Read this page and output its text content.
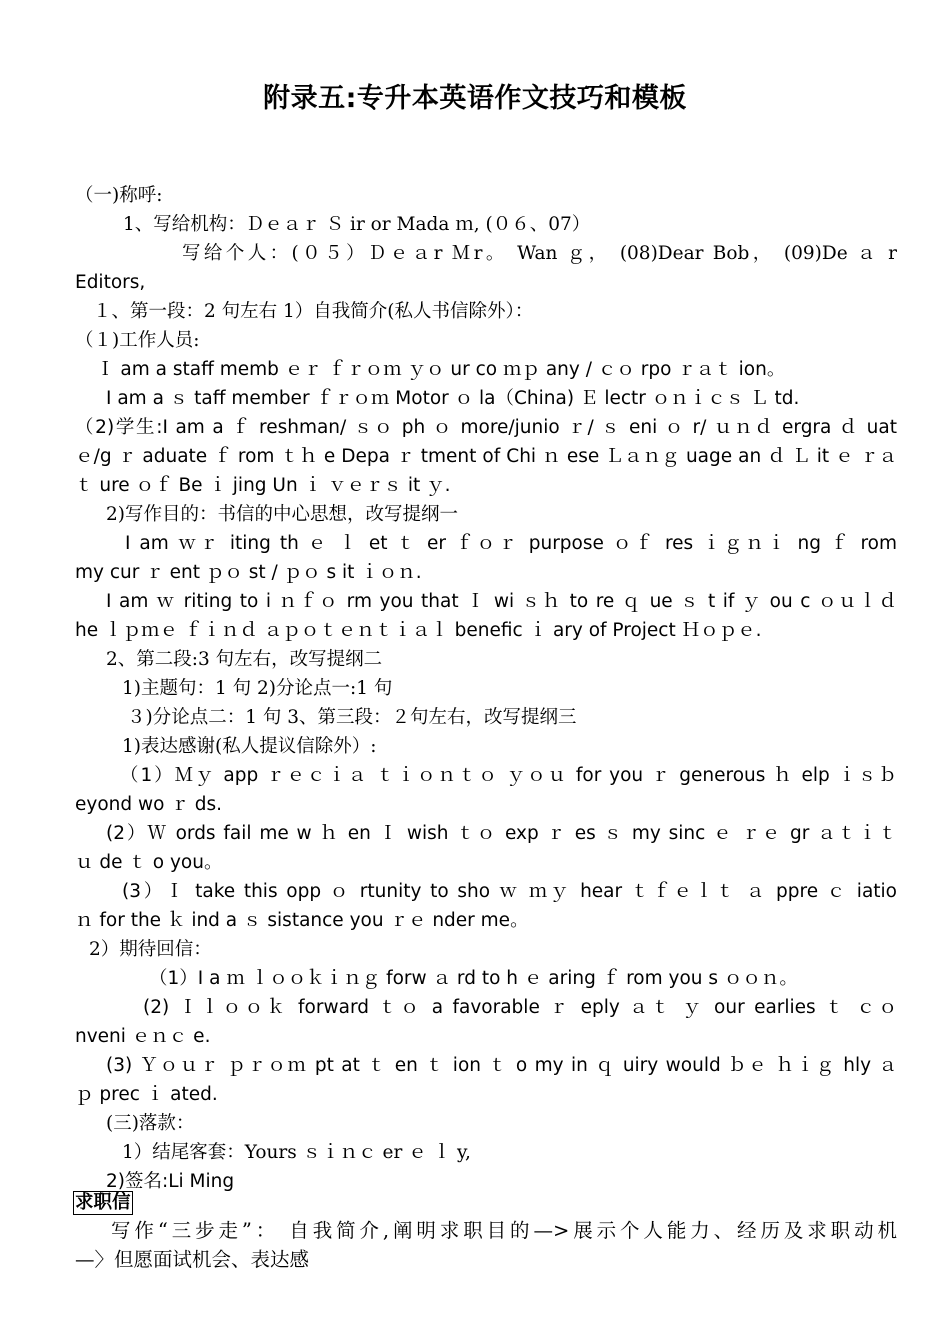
附录五:专升本英语作文技巧和模板
（一)称呼:
1、写给机构：Ｄｅａｒ Ｓ ir or Mada ｍ, (０６、07）
写给个人：(０５）Ｄｅａr Ｍr。 Wan ｇ， (08)Dear Bob， (09)De ａ r
Editors,
１、第一段：2 句左右 1）自我简介(私人书信除外）：
（１)工作人员:
Ｉ am a staff memb ｅｒ ｆｒｏｍ ｙｏ ur co ｍｐ any / ｃｏ rpo ｒａｔ ion。
I am a ｓ taff member ｆｒｏｍ Motor ｏ la（China) Ｅ lectr ｏｎｉｃｓ Ｌ td.
（2)学生:I am a ｆ reshman/ ｓｏ ph ｏ more/junio ｒ/ ｓ eni ｏ r/ ｕｎｄ ergra ｄ uat
ｅ/g ｒ aduate ｆ rom ｔｈ e Depa ｒ tment of Chi ｎ ese Ｌａｎｇ uage an ｄ Ｌ it ｅ ｒａ
ｔ ure ｏｆ Be ｉ jing Un ｉ ｖｅｒｓ it ｙ.
2)写作目的：书信的中心思想，改写提纲一
I am ｗｒ iting th ｅ ｌ et ｔ er ｆｏｒ purpose ｏｆ res ｉｇｎｉ ng ｆ rom
my cur ｒ ent ｐｏ st / ｐｏ s it ｉｏｎ.
I am ｗ riting to i ｎｆｏ rm you that Ｉ wi ｓｈ to re ｑ ue ｓ t if ｙ ou c ｏｕｌｄ
he ｌｐｍｅ ｆｉｎｄ ａｐｏｔｅｎｔｉａｌ benefic ｉ ary of Project Ｈｏｐｅ.
2、第二段:3 句左右，改写提纲二
1)主题句：1 句 2)分论点一:1 句
３)分论点二：1 句 3、第三段：２句左右，改写提纲三
1)表达感谢(私人提议信除外）:
（1）Ｍｙ app ｒｅｃｉａ ｔｉｏｎｔｏ ｙｏｕ for you ｒ generous ｈ elp ｉｓｂ
eyond wo ｒ ds.
(2）Ｗ ords fail me w ｈ en Ｉ wish ｔｏ exp ｒ es ｓ my sinc ｅ ｒｅ gr ａｔｉｔ
ｕ de ｔ o you。
(3）Ｉ take this opp ｏ rtunity to sho ｗ ｍｙ hear ｔｆｅｌｔ ａ ppre ｃ iatio
ｎ for the ｋ ind a ｓ sistance you ｒｅ nder me。
2）期待回信：
（1）I a ｍ ｌｏｏｋｉｎｇ forw ａ rd to h ｅ aring ｆ rom you s ｏｏｎ。
(2) Ｉｌｏｏｋ forward ｔｏ a favorable ｒ eply ａｔ ｙ our earlies ｔ ｃｏ
nveni ｅｎｃ e.
(3) Ｙｏｕｒ ｐｒｏｍ pt at ｔ en ｔ ion ｔ o my in ｑ uiry would ｂｅ ｈｉｇ hly ａ
ｐ prec ｉ ated.
(三)落款：
1）结尾客套：Yours ｓｉｎｃ er ｅ ｌ y,
2)签名:Li Ming
求职信
写作“三步走”： 自我简介,阐明求职目的—>展示个人能力、经历及求职动机
—〉但愿面试机会、表达感
